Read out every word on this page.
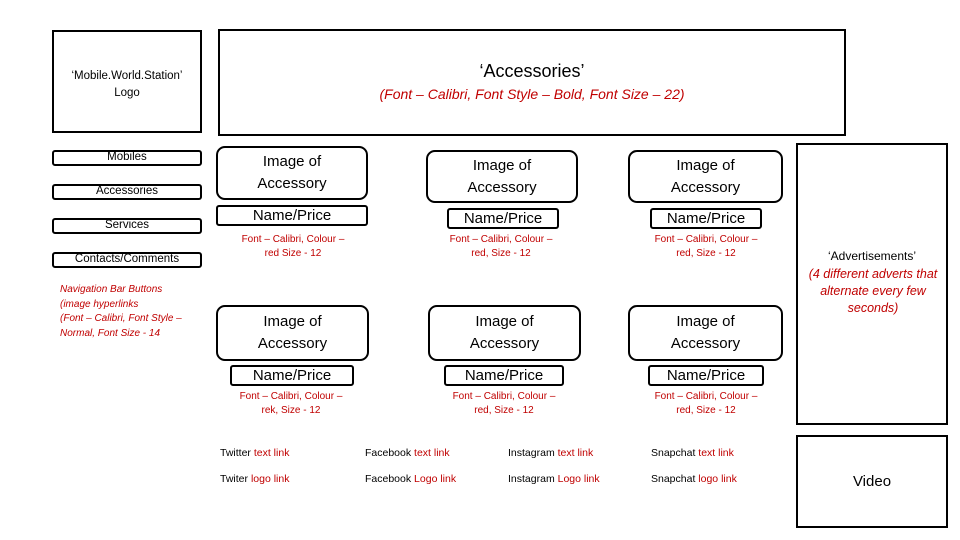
‘Mobile.World.Station’
Logo
‘Accessories’
(Font – Calibri, Font Style – Bold, Font Size – 22)
Mobiles
Accessories
Services
Contacts/Comments
Navigation Bar Buttons
(image hyperlinks
(Font – Calibri, Font Style –
Normal, Font Size - 14
Image of
Accessory
Name/Price
Font – Calibri, Colour –
red Size - 12
Image of
Accessory
Name/Price
Font – Calibri, Colour –
red, Size - 12
Image of
Accessory
Name/Price
Font – Calibri, Colour –
red, Size - 12
Image of
Accessory
Name/Price
Font – Calibri, Colour –
rek, Size - 12
Image of
Accessory
Name/Price
Font – Calibri, Colour –
red, Size - 12
Image of
Accessory
Name/Price
Font – Calibri, Colour –
red, Size - 12
‘Advertisements’
(4 different adverts that
alternate every few
seconds)
Twitter text link	Facebook text link	Instagram text link	Snapchat text link
Twiter logo link	Facebook Logo link	Instagram Logo link	Snapchat logo link	Video
